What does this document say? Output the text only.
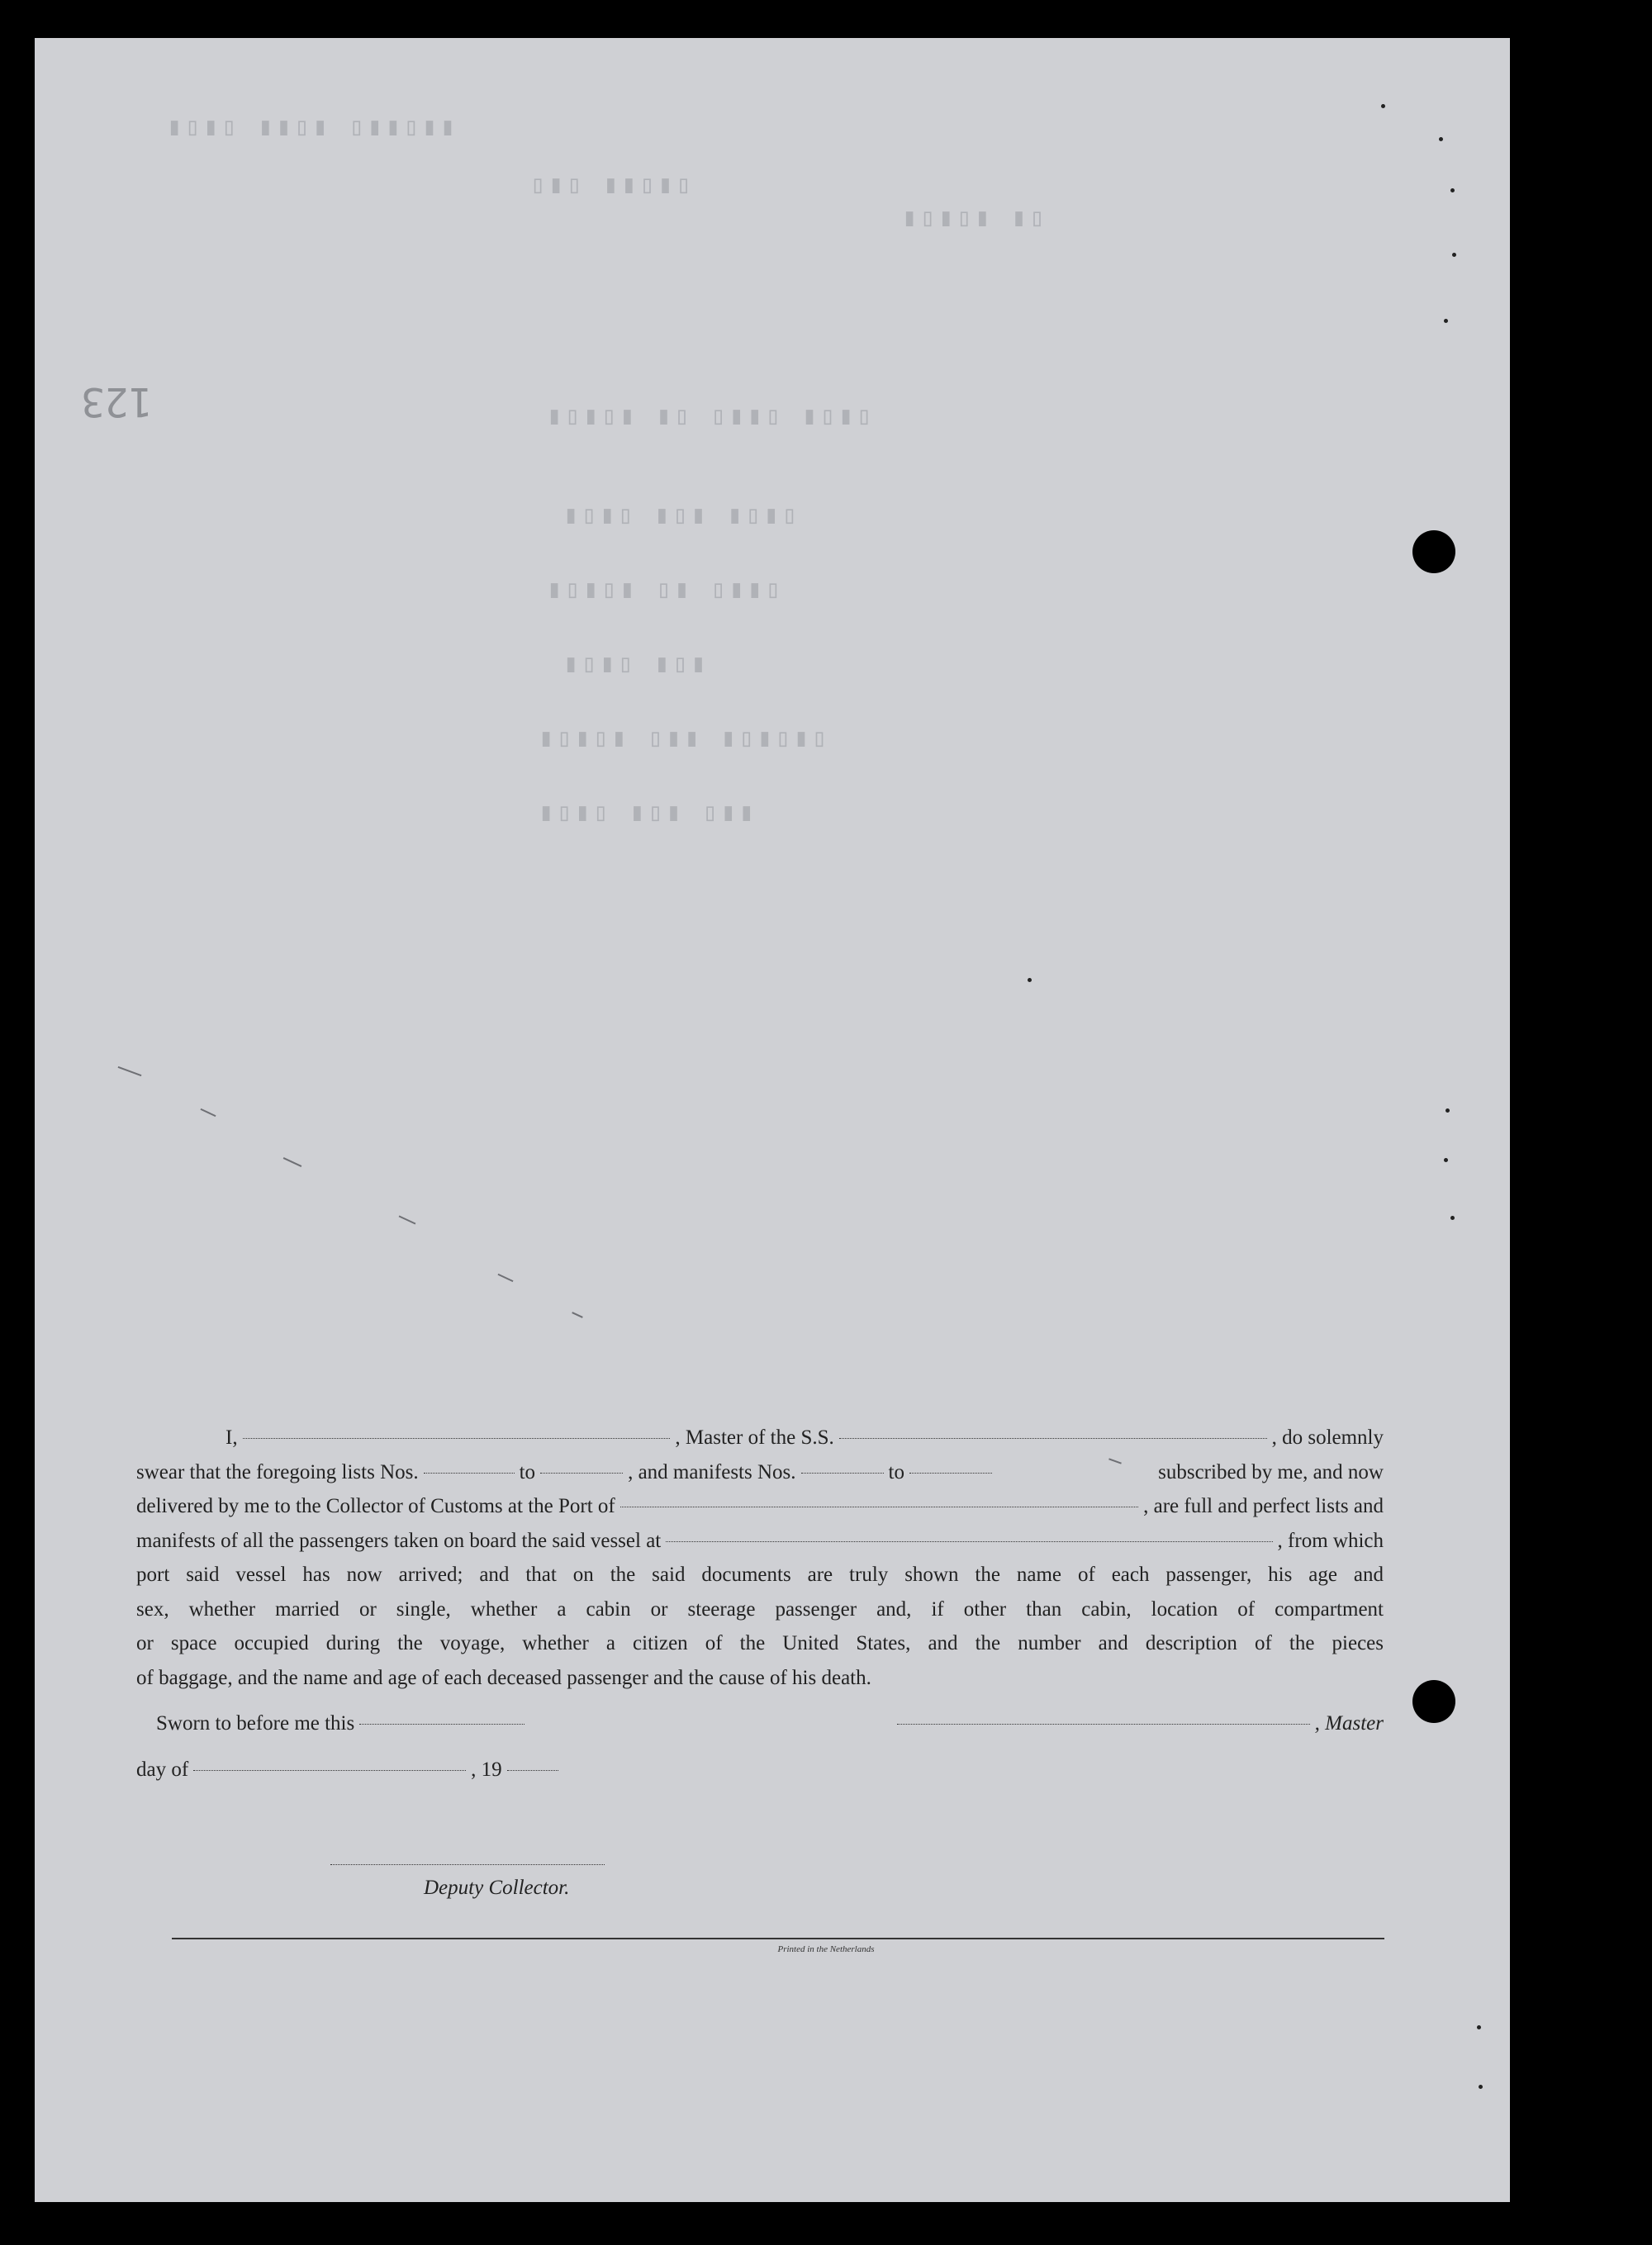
123
▮▯▮▯ ▮▮▯▮ ▯▮▮▯▮▮
▯▮▯ ▮▮▯▮▯
▮▯▮▯▮ ▮▯
▮▯▮▯▮ ▮▯ ▯▮▮▯ ▮▯▮▯
▮▯▮▯ ▮▯▮ ▮▯▮▯
▮▯▮▯▮ ▯▮ ▯▮▮▯
▮▯▮▯ ▮▯▮
▮▯▮▯▮ ▯▮▮ ▮▯▮▯▮▯
▮▯▮▯ ▮▯▮ ▯▮▮
I,	, Master of the S.S.	, do solemnly
swear that the foregoing lists Nos.	to	, and manifests Nos.	to	subscribed by me, and now
delivered by me to the Collector of Customs at the Port of	, are full and perfect lists and
manifests of all the passengers taken on board the said vessel at	, from which
port said vessel has now arrived; and that on the said documents are truly shown the name of each passenger, his age and
sex, whether married or single, whether a cabin or steerage passenger and, if other than cabin, location of compartment
or space occupied during the voyage, whether a citizen of the United States, and the number and description of the pieces
of baggage, and the name and age of each deceased passenger and the cause of his death.
Sworn to before me this	, Master
day of	, 19
Deputy Collector.
Printed in the Netherlands
